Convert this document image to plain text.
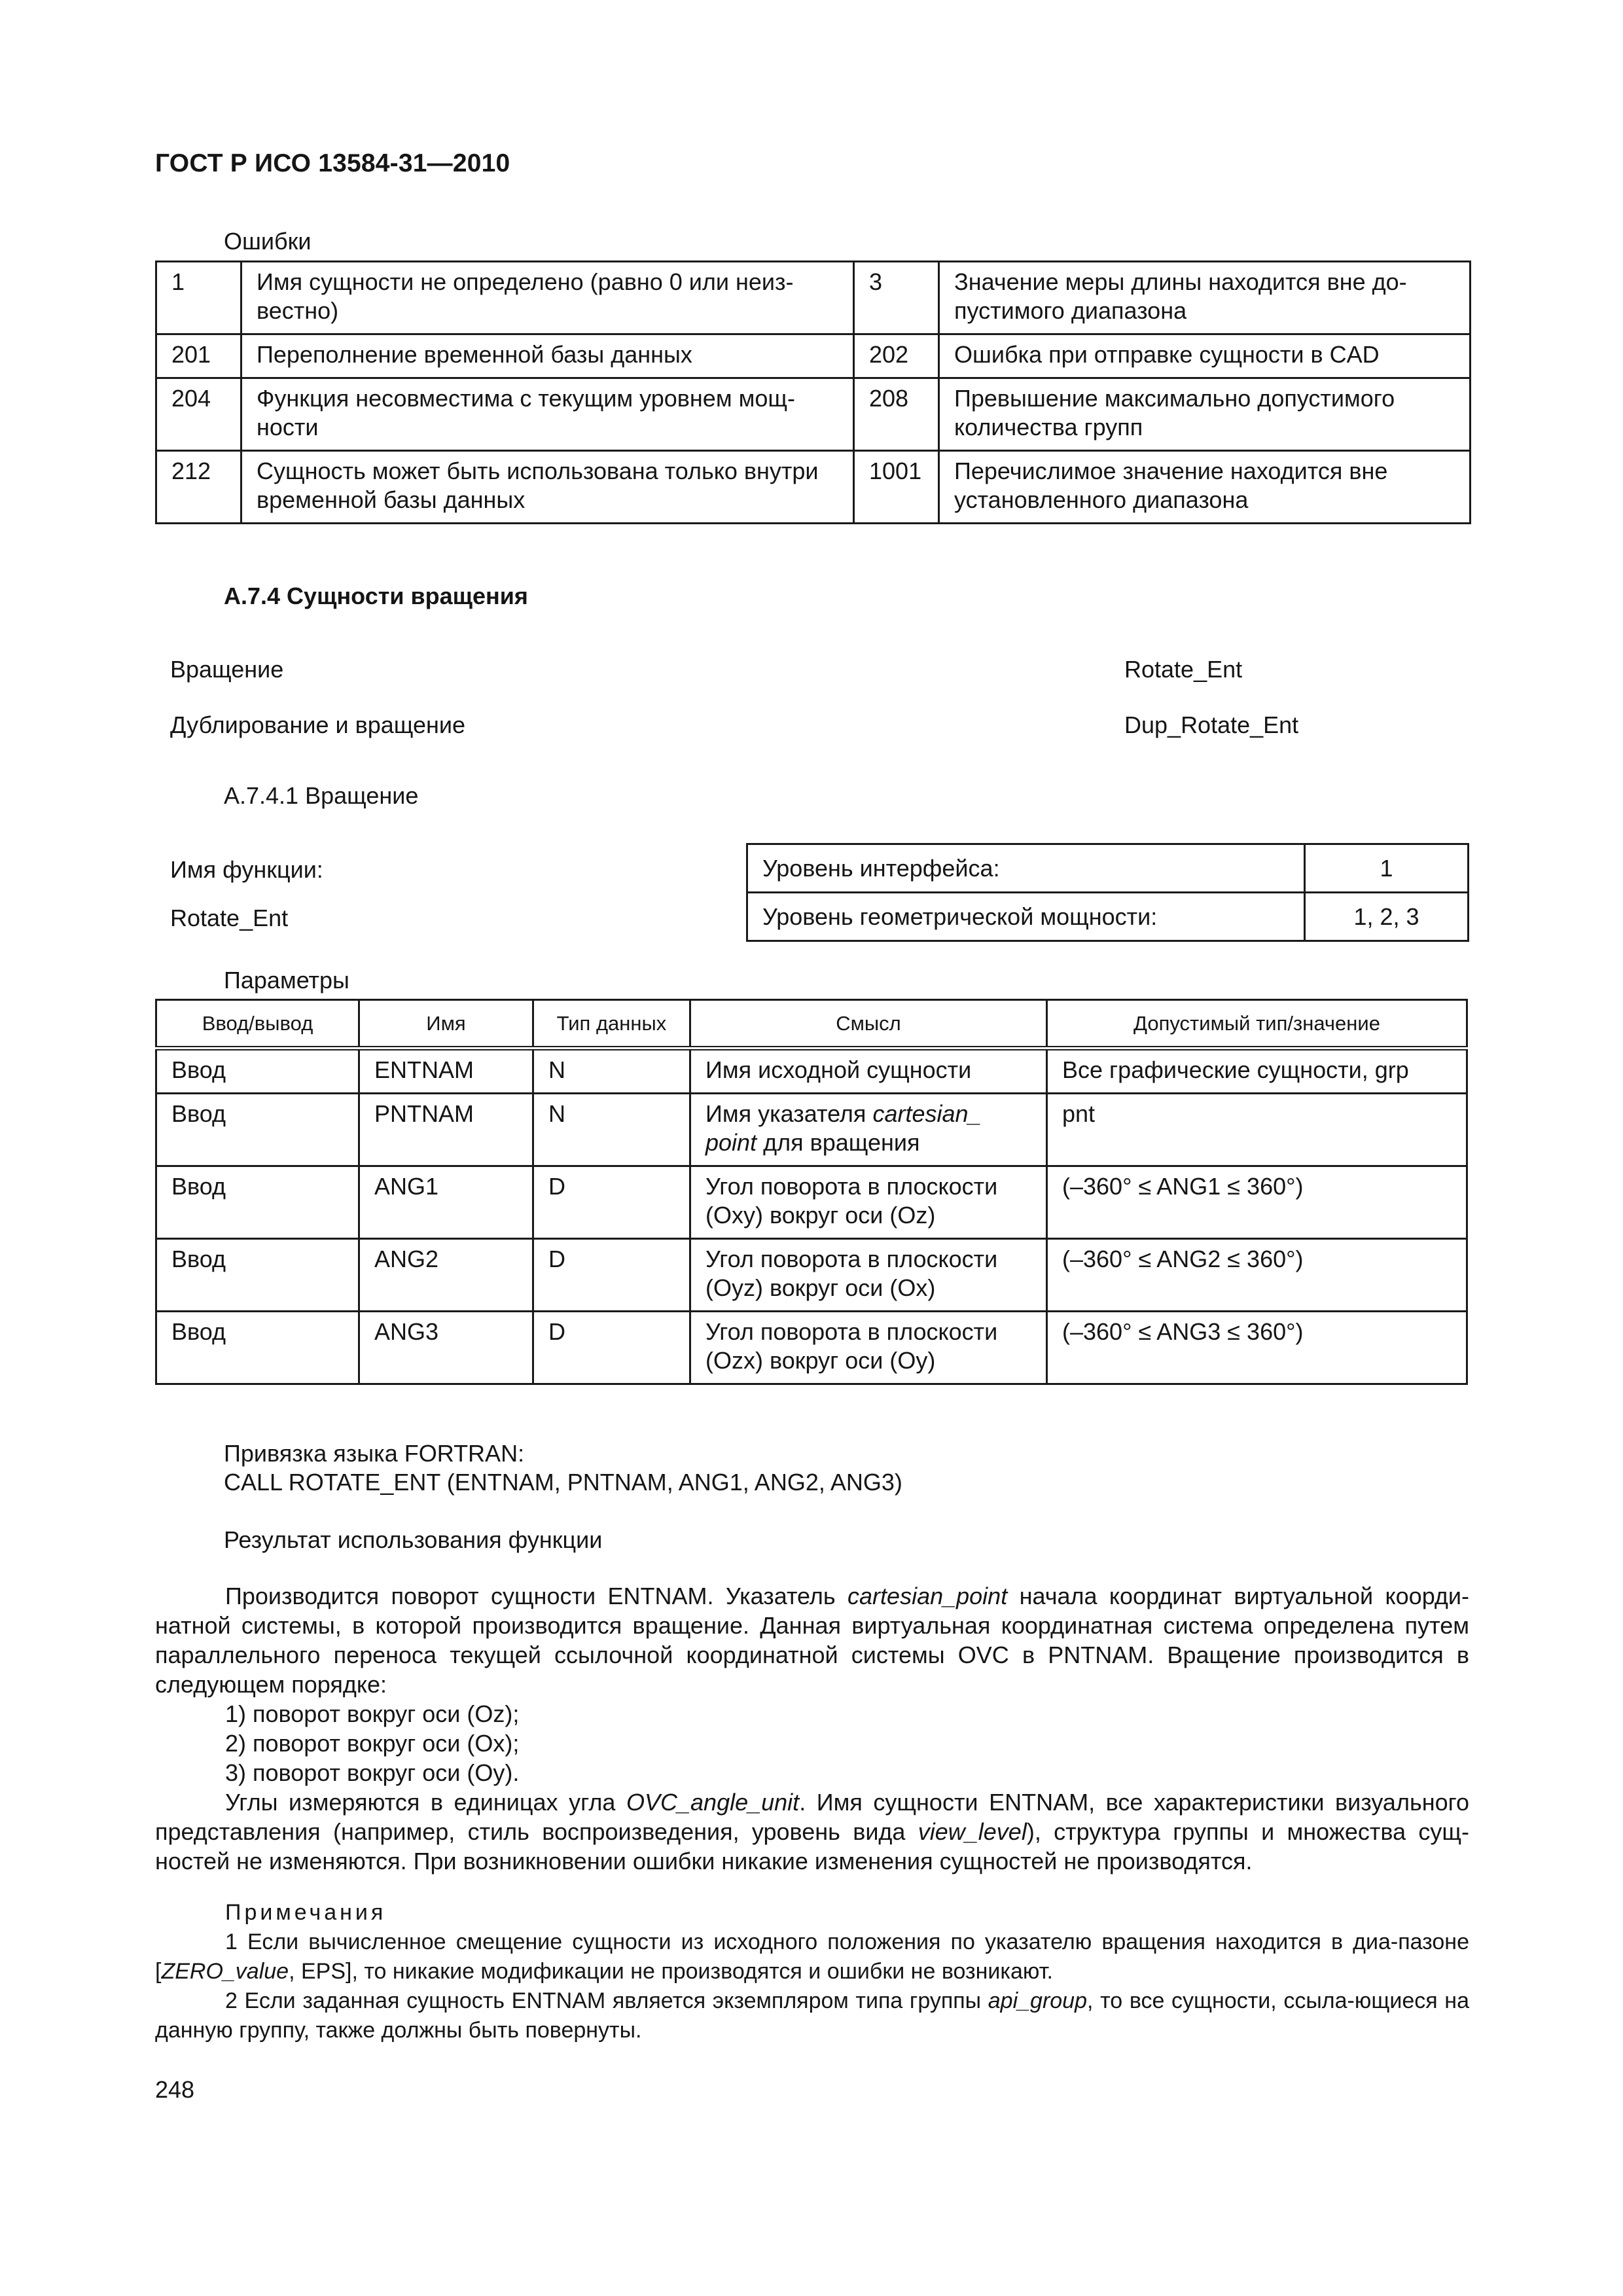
ГОСТ Р ИСО 13584-31—2010
Ошибки
1	Имя сущности не определено (равно 0 или неиз-вестно)	3	Значение меры длины находится вне до-пустимого диапазона
201	Переполнение временной базы данных	202	Ошибка при отправке сущности в CAD
204	Функция несовместима с текущим уровнем мощ-ности	208	Превышение максимально допустимого количества групп
212	Сущность может быть использована только внутри временной базы данных	1001	Перечислимое значение находится вне установленного диапазона
А.7.4 Сущности вращения
Вращение	Rotate_Ent
Дублирование и вращение	Dup_Rotate_Ent
А.7.4.1 Вращение
Имя функции:
Rotate_Ent
Уровень интерфейса:	1
Уровень геометрической мощности:	1, 2, 3
Параметры
Ввод/вывод	Имя	Тип данных	Смысл	Допустимый тип/значение
Ввод	ENTNAM	N	Имя исходной сущности	Все графические сущности, grp
Ввод	PNTNAM	N	Имя указателя cartesian_ point для вращения	pnt
Ввод	ANG1	D	Угол поворота в плоскости (Oxy) вокруг оси (Oz)	(–360° ≤ ANG1 ≤ 360°)
Ввод	ANG2	D	Угол поворота в плоскости (Oyz) вокруг оси (Ox)	(–360° ≤ ANG2 ≤ 360°)
Ввод	ANG3	D	Угол поворота в плоскости (Ozx) вокруг оси (Oy)	(–360° ≤ ANG3 ≤ 360°)
Привязка языка FORTRAN:
CALL ROTATE_ENT (ENTNAM, PNTNAM, ANG1, ANG2, ANG3)
Результат использования функции

Производится поворот сущности ENTNAM. Указатель cartesian_point начала координат виртуальной коорди-натной системы, в которой производится вращение. Данная виртуальная координатная система определена путем параллельного переноса текущей ссылочной координатной системы OVC в PNTNAM. Вращение производится в следующем порядке:

1) поворот вокруг оси (Oz);

2) поворот вокруг оси (Ox);

3) поворот вокруг оси (Oy).

Углы измеряются в единицах угла OVC_angle_unit. Имя сущности ENTNAM, все характеристики визуального представления (например, стиль воспроизведения, уровень вида view_level), структура группы и множества сущ-ностей не изменяются. При возникновении ошибки никакие изменения сущностей не производятся.

Примечания

1 Если вычисленное смещение сущности из исходного положения по указателю вращения находится в диа-пазоне [ZERO_value, EPS], то никакие модификации не производятся и ошибки не возникают.

2 Если заданная сущность ENTNAM является экземпляром типа группы api_group, то все сущности, ссыла-ющиеся на данную группу, также должны быть повернуты.

248
